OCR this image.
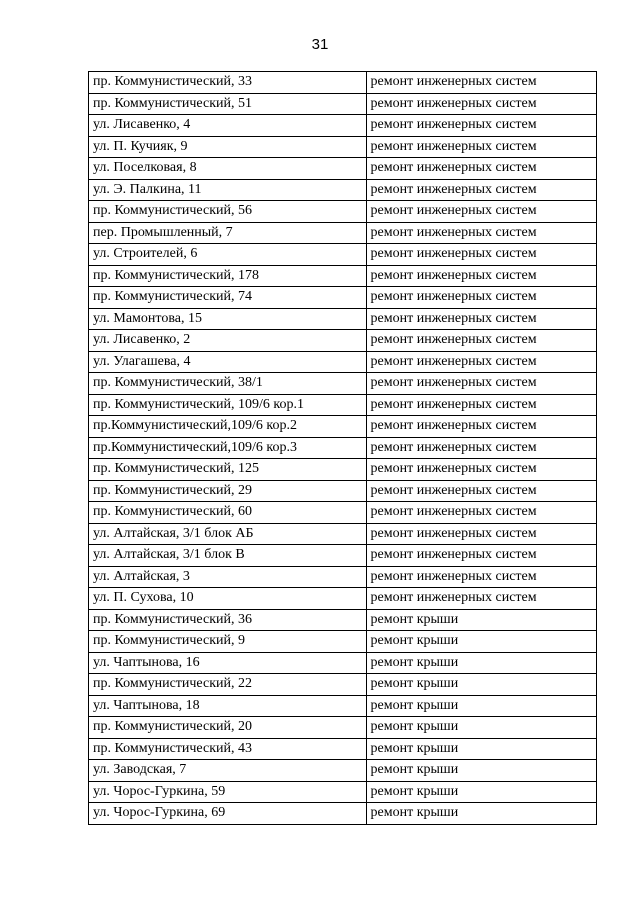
31
пр. Коммунистический, 33	ремонт инженерных систем
пр. Коммунистический, 51	ремонт инженерных систем
ул. Лисавенко, 4	ремонт инженерных систем
ул. П. Кучияк, 9	ремонт инженерных систем
ул. Поселковая, 8	ремонт инженерных систем
ул. Э. Палкина, 11	ремонт инженерных систем
пр. Коммунистический, 56	ремонт инженерных систем
пер. Промышленный, 7	ремонт инженерных систем
ул. Строителей, 6	ремонт инженерных систем
пр. Коммунистический, 178	ремонт инженерных систем
пр. Коммунистический, 74	ремонт инженерных систем
ул. Мамонтова, 15	ремонт инженерных систем
ул. Лисавенко, 2	ремонт инженерных систем
ул. Улагашева, 4	ремонт инженерных систем
пр. Коммунистический, 38/1	ремонт инженерных систем
пр. Коммунистический, 109/6 кор.1	ремонт инженерных систем
пр.Коммунистический,109/6 кор.2	ремонт инженерных систем
пр.Коммунистический,109/6 кор.3	ремонт инженерных систем
пр. Коммунистический, 125	ремонт инженерных систем
пр. Коммунистический, 29	ремонт инженерных систем
пр. Коммунистический, 60	ремонт инженерных систем
ул. Алтайская, 3/1 блок АБ	ремонт инженерных систем
ул. Алтайская, 3/1 блок В	ремонт инженерных систем
ул. Алтайская, 3	ремонт инженерных систем
ул. П. Сухова, 10	ремонт инженерных систем
пр. Коммунистический, 36	ремонт крыши
пр. Коммунистический, 9	ремонт крыши
ул. Чаптынова, 16	ремонт крыши
пр. Коммунистический, 22	ремонт крыши
ул. Чаптынова, 18	ремонт крыши
пр. Коммунистический, 20	ремонт крыши
пр. Коммунистический, 43	ремонт крыши
ул. Заводская, 7	ремонт крыши
ул. Чорос-Гуркина, 59	ремонт крыши
ул. Чорос-Гуркина, 69	ремонт крыши
